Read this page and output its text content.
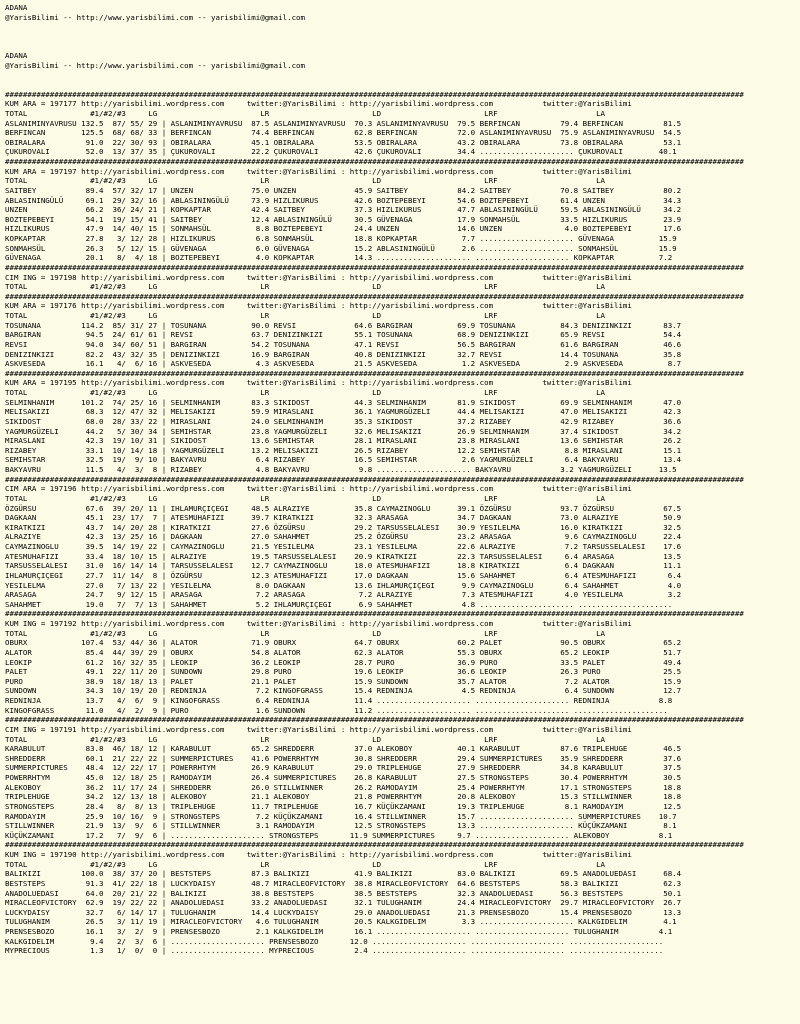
ADANA
@YarisBilimi -- http://www.yarisbilimi.com -- yarisbilimi@gmail.com

ADANA
@YarisBilimi -- http://www.yarisbilimi.com -- yarisbilimi@gmail.com

#####################################################################################################################################################################
KUM ARA = 197177 http://yarisbilimi.wordpress.com     twitter:@YarisBilimi : http://yarisbilimi.wordpress.com           twitter:@YarisBilimi
TOTAL              #1/#2/#3     LG                       LR                       LD                       LRF                      LA
ASLANIMINYAVRUSU 132.5  87/ 55/ 29 | ASLANIMINYAVRUSU  87.5 ASLANIMINYAVRUSU  70.3 ASLANIMINYAVRUSU  79.5 BERFINCAN         79.4 BERFINCAN         81.5
BERFINCAN        125.5  68/ 68/ 33 | BERFINCAN         74.4 BERFINCAN         62.8 BERFINCAN         72.0 ASLANIMINYAVRUSU  75.9 ASLANIMINYAVRUSU  54.5
OBIRALARA         91.0  22/ 30/ 93 | OBIRALARA         45.1 OBIRALARA         53.5 OBIRALARA         43.2 OBIRALARA         73.8 OBIRALARA         53.1
ÇUKUROVALI        52.0  13/ 37/ 35 | ÇUKUROVALI        22.2 ÇUKUROVALI        42.6 ÇUKUROVALI        34.4 ..................... ÇUKUROVALI        40.1
#####################################################################################################################################################################
KUM ARA = 197197 http://yarisbilimi.wordpress.com     twitter:@YarisBilimi : http://yarisbilimi.wordpress.com           twitter:@YarisBilimi
TOTAL              #1/#2/#3     LG                       LR                       LD                       LRF                      LA
SAITBEY           89.4  57/ 32/ 17 | UNZEN             75.0 UNZEN             45.9 SAITBEY           84.2 SAITBEY           70.8 SAITBEY           80.2
ABLASININGÜLÜ     69.1  29/ 32/ 16 | ABLASININGÜLÜ     73.9 HIZLIKURUS        42.6 BOZTEPEBEYI       54.6 BOZTEPEBEYI       61.4 UNZEN             34.3
UNZEN             66.2  36/ 24/ 21 | KOPKAPTAR         42.4 SAITBEY           37.3 HIZLIKURUS        47.7 ABLASININGÜLÜ     59.5 ABLASININGÜLÜ     34.2
BOZTEPEBEYI       54.1  19/ 15/ 41 | SAITBEY           12.4 ABLASININGÜLÜ     30.5 GÜVENAGA          17.9 SONMAHSÜL         33.5 HIZLIKURUS        23.9
HIZLIKURUS        47.9  14/ 40/ 15 | SONMAHSÜL          8.8 BOZTEPEBEYI       24.4 UNZEN             14.6 UNZEN              4.0 BOZTEPEBEYI       17.6
KOPKAPTAR         27.8   3/ 12/ 28 | HIZLIKURUS         6.8 SONMAHSÜL         18.8 KOPKAPTAR          7.7 ..................... GÜVENAGA          15.9
SONMAHSÜL         26.3   5/ 12/ 15 | GÜVENAGA           6.0 GÜVENAGA          15.2 ABLASININGÜLÜ      2.6 ..................... SONMAHSÜL         15.9
GÜVENAGA          20.1   8/  4/ 18 | BOZTEPEBEYI        4.0 KOPKAPTAR         14.3 ..................... ..................... KOPKAPTAR          7.2
#####################################################################################################################################################################
CIM ING = 197198 http://yarisbilimi.wordpress.com     twitter:@YarisBilimi : http://yarisbilimi.wordpress.com           twitter:@YarisBilimi
TOTAL              #1/#2/#3     LG                       LR                       LD                       LRF                      LA
#####################################################################################################################################################################
KUM ARA = 197176 http://yarisbilimi.wordpress.com     twitter:@YarisBilimi : http://yarisbilimi.wordpress.com           twitter:@YarisBilimi
TOTAL              #1/#2/#3     LG                       LR                       LD                       LRF                      LA
TOSUNANA         114.2  85/ 31/ 27 | TOSUNANA          90.0 REVSI             64.6 BARGIRAN          69.9 TOSUNANA          84.3 DENIZINKIZI       83.7
BARGIRAN          94.5  24/ 61/ 61 | REVSI             63.7 DENIZINKIZI       55.1 TOSUNANA          68.9 DENIZINKIZI       65.9 REVSI             54.4
REVSI             94.0  34/ 60/ 51 | BARGIRAN          54.2 TOSUNANA          47.1 REVSI             56.5 BARGIRAN          61.6 BARGIRAN          46.6
DENIZINKIZI       82.2  43/ 32/ 35 | DENIZINKIZI       16.9 BARGIRAN          40.8 DENIZINKIZI       32.7 REVSI             14.4 TOSUNANA          35.8
ASKVESEDA         16.1   4/  6/ 16 | ASKVESEDA          4.3 ASKVESEDA         21.5 ASKVESEDA          1.2 ASKVESEDA          2.9 ASKVESEDA          8.7
#####################################################################################################################################################################
KUM ARA = 197195 http://yarisbilimi.wordpress.com     twitter:@YarisBilimi : http://yarisbilimi.wordpress.com           twitter:@YarisBilimi
TOTAL              #1/#2/#3     LG                       LR                       LD                       LRF                      LA
SELMINHANIM      101.2  74/ 25/ 16 | SELMINHANIM       83.3 SIKIDOST          44.3 SELMINHANIM       81.9 SIKIDOST          69.9 SELMINHANIM       47.0
MELISAKIZI        68.3  12/ 47/ 32 | MELISAKIZI        59.9 MIRASLANI         36.1 YAGMURGÜZELI      44.4 MELISAKIZI        47.0 MELISAKIZI        42.3
SIKIDOST          68.0  28/ 33/ 22 | MIRASLANI         24.0 SELMINHANIM       35.3 SIKIDOST          37.2 RIZABEY           42.9 RIZABEY           36.6
YAGMURGÜZELI      44.2   5/ 30/ 34 | SEMIHSTAR         23.8 YAGMURGÜZELI      32.6 MELISAKIZI        26.9 SELMINHANIM       37.4 SIKIDOST          34.2
MIRASLANI         42.3  19/ 10/ 31 | SIKIDOST          13.6 SEMIHSTAR         28.1 MIRASLANI         23.8 MIRASLANI         13.6 SEMIHSTAR         26.2
RIZABEY           33.1  10/ 14/ 18 | YAGMURGÜZELI      13.2 MELISAKIZI        26.5 RIZABEY           12.2 SEMIHSTAR          8.8 MIRASLANI         15.1
SEMIHSTAR         32.5  19/  9/ 10 | BAKYAVRU           6.4 RIZABEY           16.5 SEMIHSTAR          2.6 YAGMURGÜZELI       6.4 BAKYAVRU          13.4
BAKYAVRU          11.5   4/  3/  8 | RIZABEY            4.8 BAKYAVRU           9.8 ..................... BAKYAVRU           3.2 YAGMURGÜZELI      13.5
#####################################################################################################################################################################
CIM ARA = 197196 http://yarisbilimi.wordpress.com     twitter:@YarisBilimi : http://yarisbilimi.wordpress.com           twitter:@YarisBilimi
TOTAL              #1/#2/#3     LG                       LR                       LD                       LRF                      LA
ÖZGÜRSU           67.6  39/ 20/ 11 | IHLAMURÇIÇEGI     48.5 ALRAZIYE          35.8 CAYMAZINOGLU      39.1 ÖZGÜRSU           93.7 ÖZGÜRSU           67.5
DAGKAAN           45.1  23/ 17/  7 | ATESMUHAFIZI      39.7 KIRATKIZI         32.3 ARASAGA           34.7 DAGKAAN           73.0 ALRAZIYE          50.9
KIRATKIZI         43.7  14/ 20/ 28 | KIRATKIZI         27.6 ÖZGÜRSU           29.2 TARSUSSELALESI    30.9 YESILELMA         16.0 KIRATKIZI         32.5
ALRAZIYE          42.3  13/ 25/ 16 | DAGKAAN           27.0 SAHAHMET          25.2 ÖZGÜRSU           23.2 ARASAGA            9.6 CAYMAZINOGLU      22.4
CAYMAZINOGLU      39.5  14/ 19/ 22 | CAYMAZINOGLU      21.5 YESILELMA         23.1 YESILELMA         22.6 ALRAZIYE           7.2 TARSUSSELALESI    17.6
ATESMUHAFIZI      33.4  18/ 10/ 15 | ALRAZIYE          19.5 TARSUSSELALESI    20.9 KIRATKIZI         22.3 TARSUSSELALESI     6.4 ARASAGA           13.5
TARSUSSELALESI    31.0  16/ 14/ 14 | TARSUSSELALESI    12.7 CAYMAZINOGLU      18.0 ATESMUHAFIZI      18.8 KIRATKIZI          6.4 DAGKAAN           11.1
IHLAMURÇIÇEGI     27.7  11/ 14/  8 | ÖZGÜRSU           12.3 ATESMUHAFIZI      17.0 DAGKAAN           15.6 SAHAHMET           6.4 ATESMUHAFIZI       6.4
YESILELMA         27.0   7/ 13/ 22 | YESILELMA          8.0 DAGKAAN           13.6 IHLAMURÇIÇEGI      9.9 CAYMAZINOGLU       6.4 SAHAHMET           4.0
ARASAGA           24.7   9/ 12/ 15 | ARASAGA            7.2 ARASAGA            7.2 ALRAZIYE           7.3 ATESMUHAFIZI       4.0 YESILELMA          3.2
SAHAHMET          19.0   7/  7/ 13 | SAHAHMET           5.2 IHLAMURÇIÇEGI      6.9 SAHAHMET           4.8 ..................... .....................
#####################################################################################################################################################################
KUM ING = 197192 http://yarisbilimi.wordpress.com     twitter:@YarisBilimi : http://yarisbilimi.wordpress.com           twitter:@YarisBilimi
TOTAL              #1/#2/#3     LG                       LR                       LD                       LRF                      LA
OBURX            107.4  53/ 44/ 36 | ALATOR            71.9 OBURX             64.7 OBURX             60.2 PALET             90.5 OBURX             65.2
ALATOR            85.4  44/ 39/ 29 | OBURX             54.8 ALATOR            62.3 ALATOR            55.3 OBURX             65.2 LEOKIP            51.7
LEOKIP            61.2  16/ 32/ 35 | LEOKIP            36.2 LEOKIP            28.7 PURO              36.9 PURO              33.5 PALET             49.4
PALET             49.1  22/ 11/ 20 | SUNDOWN           29.8 PURO              19.6 LEOKIP            36.6 LEOKIP            26.3 PURO              25.5
PURO              38.9  18/ 18/ 13 | PALET             21.1 PALET             15.9 SUNDOWN           35.7 ALATOR             7.2 ALATOR            15.9
SUNDOWN           34.3  10/ 19/ 20 | REDNINJA           7.2 KINGOFGRASS       15.4 REDNINJA           4.5 REDNINJA           6.4 SUNDOWN           12.7
REDNINJA          13.7   4/  6/  9 | KINGOFGRASS        6.4 REDNINJA          11.4 ..................... ..................... REDNINJA           8.8
KINGOFGRASS       11.0   4/  2/  9 | PURO               1.6 SUNDOWN           11.2 ..................... ..................... .....................
#####################################################################################################################################################################
CIM ING = 197191 http://yarisbilimi.wordpress.com     twitter:@YarisBilimi : http://yarisbilimi.wordpress.com           twitter:@YarisBilimi
TOTAL              #1/#2/#3     LG                       LR                       LD                       LRF                      LA
KARABULUT         83.8  46/ 18/ 12 | KARABULUT         65.2 SHREDDERR         37.0 ALEKOBOY          40.1 KARABULUT         87.6 TRIPLEHUGE        46.5
SHREDDERR         60.1  21/ 22/ 22 | SUMMERPICTURES    41.6 POWERRHTYM        30.8 SHREDDERR         29.4 SUMMERPICTURES    35.9 SHREDDERR         37.6
SUMMERPICTURES    48.4  12/ 22/ 17 | POWERRHTYM        26.9 KARABULUT         29.0 TRIPLEHUGE        27.9 SHREDDERR         34.8 KARABULUT         37.5
POWERRHTYM        45.0  12/ 18/ 25 | RAMODAYIM         26.4 SUMMERPICTURES    26.8 KARABULUT         27.5 STRONGSTEPS       30.4 POWERRHTYM        30.5
ALEKOBOY          36.2  11/ 17/ 24 | SHREDDERR         26.0 STILLWINNER       26.2 RAMODAYIM         25.4 POWERRHTYM        17.1 STRONGSTEPS       18.8
TRIPLEHUGE        34.2  12/ 13/ 18 | ALEKOBOY          21.1 ALEKOBOY          21.8 POWERRHTYM        20.8 ALEKOBOY          15.3 STILLWINNER       18.8
STRONGSTEPS       28.4   8/  8/ 13 | TRIPLEHUGE        11.7 TRIPLEHUGE        16.7 KÜÇÜKZAMANI       19.3 TRIPLEHUGE         8.1 RAMODAYIM         12.5
RAMODAYIM         25.9  10/ 16/  9 | STRONGSTEPS        7.2 KÜÇÜKZAMANI       16.4 STILLWINNER       15.7 ..................... SUMMERPICTURES    10.7
STILLWINNER       21.9  13/  9/  6 | STILLWINNER        3.1 RAMODAYIM         12.5 STRONGSTEPS       13.3 ..................... KÜÇÜKZAMANI        8.1
KÜÇÜKZAMANI       17.2   7/  9/  6 | ..................... STRONGSTEPS       11.9 SUMMERPICTURES     9.7 ..................... ALEKOBOY           8.1
#####################################################################################################################################################################
KUM ING = 197190 http://yarisbilimi.wordpress.com     twitter:@YarisBilimi : http://yarisbilimi.wordpress.com           twitter:@YarisBilimi
TOTAL              #1/#2/#3     LG                       LR                       LD                       LRF                      LA
BALIKIZI         100.0  38/ 37/ 20 | BESTSTEPS         87.3 BALIKIZI          41.9 BALIKIZI          83.0 BALIKIZI          69.5 ANADOLUEDASI      68.4
BESTSTEPS         91.3  41/ 22/ 18 | LUCKYDAISY        48.7 MIRACLEOFVICTORY  38.8 MIRACLEOFVICTORY  64.6 BESTSTEPS         58.3 BALIKIZI          62.3
ANADOLUEDASI      64.0  20/ 21/ 22 | BALIKIZI          38.8 BESTSTEPS         38.5 BESTSTEPS         32.3 ANADOLUEDASI      56.3 BESTSTEPS         50.1
MIRACLEOFVICTORY  62.9  19/ 22/ 22 | ANADOLUEDASI      33.2 ANADOLUEDASI      32.1 TULUGHANIM        24.4 MIRACLEOFVICTORY  29.7 MIRACLEOFVICTORY  26.7
LUCKYDAISY        32.7   6/ 14/ 17 | TULUGHANIM        14.4 LUCKYDAISY        29.0 ANADOLUEDASI      21.3 PRENSESBOZO       15.4 PRENSESBOZO       13.3
TULUGHANIM        26.5   3/ 11/ 19 | MIRACLEOFVICTORY   4.6 TULUGHANIM        20.5 KALKGIDELIM        3.3 ..................... KALKGIDELIM        4.1
PRENSESBOZO       16.1   3/  2/  9 | PRENSESBOZO        2.1 KALKGIDELIM       16.1 ..................... ..................... TULUGHANIM         4.1
KALKGIDELIM        9.4   2/  3/  6 | ..................... PRENSESBOZO       12.0 ..................... ..................... .....................
MYPRECIOUS         1.3   1/  0/  0 | ..................... MYPRECIOUS         2.4 ..................... ..................... .....................
